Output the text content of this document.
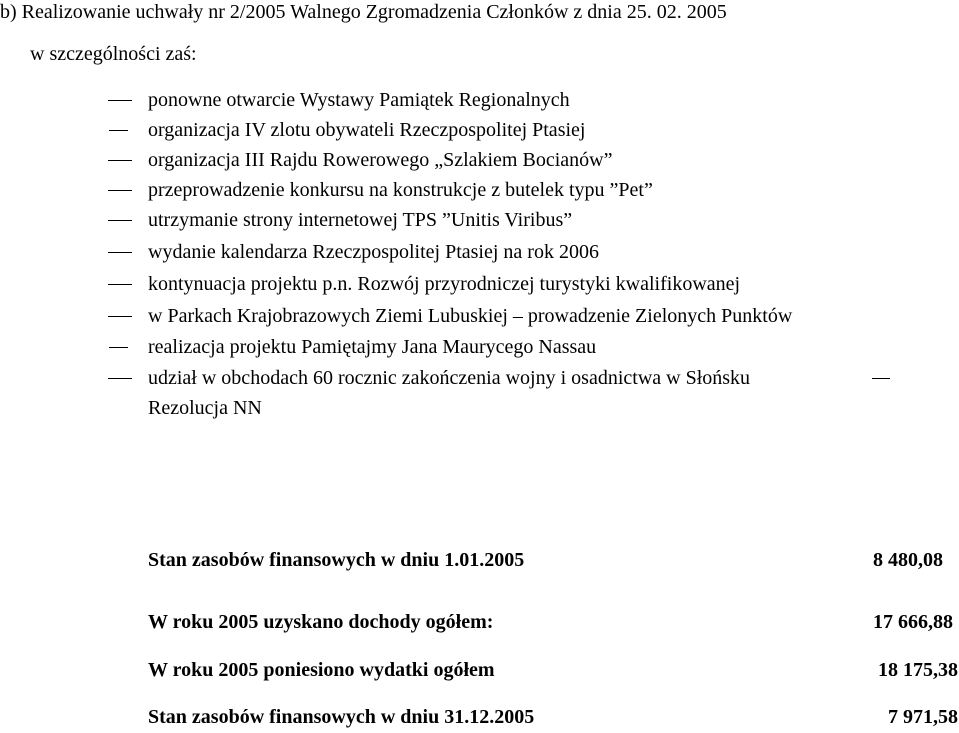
b) Realizowanie uchwały nr 2/2005 Walnego Zgromadzenia Członków z dnia 25. 02. 2005
w szczególności zaś:
ponowne otwarcie Wystawy Pamiątek Regionalnych
organizacja IV zlotu obywateli Rzeczpospolitej Ptasiej
organizacja III Rajdu Rowerowego „Szlakiem Bocianów”
przeprowadzenie konkursu na konstrukcje z butelek typu ”Pet”
utrzymanie strony internetowej TPS ”Unitis Viribus”
wydanie kalendarza Rzeczpospolitej Ptasiej na rok 2006
kontynuacja projektu p.n. Rozwój przyrodniczej turystyki kwalifikowanej
w Parkach Krajobrazowych Ziemi Lubuskiej – prowadzenie Zielonych Punktów
realizacja projektu Pamiętajmy Jana Maurycego Nassau
udział w obchodach 60 rocznic zakończenia wojny i osadnictwa w Słońsku
Rezolucja NN
Stan zasobów finansowych w dniu 1.01.2005	8 480,08
W roku 2005 uzyskano dochody ogółem:	17 666,88
W roku 2005 poniesiono wydatki ogółem	18 175,38
Stan zasobów finansowych w dniu 31.12.2005	7 971,58
